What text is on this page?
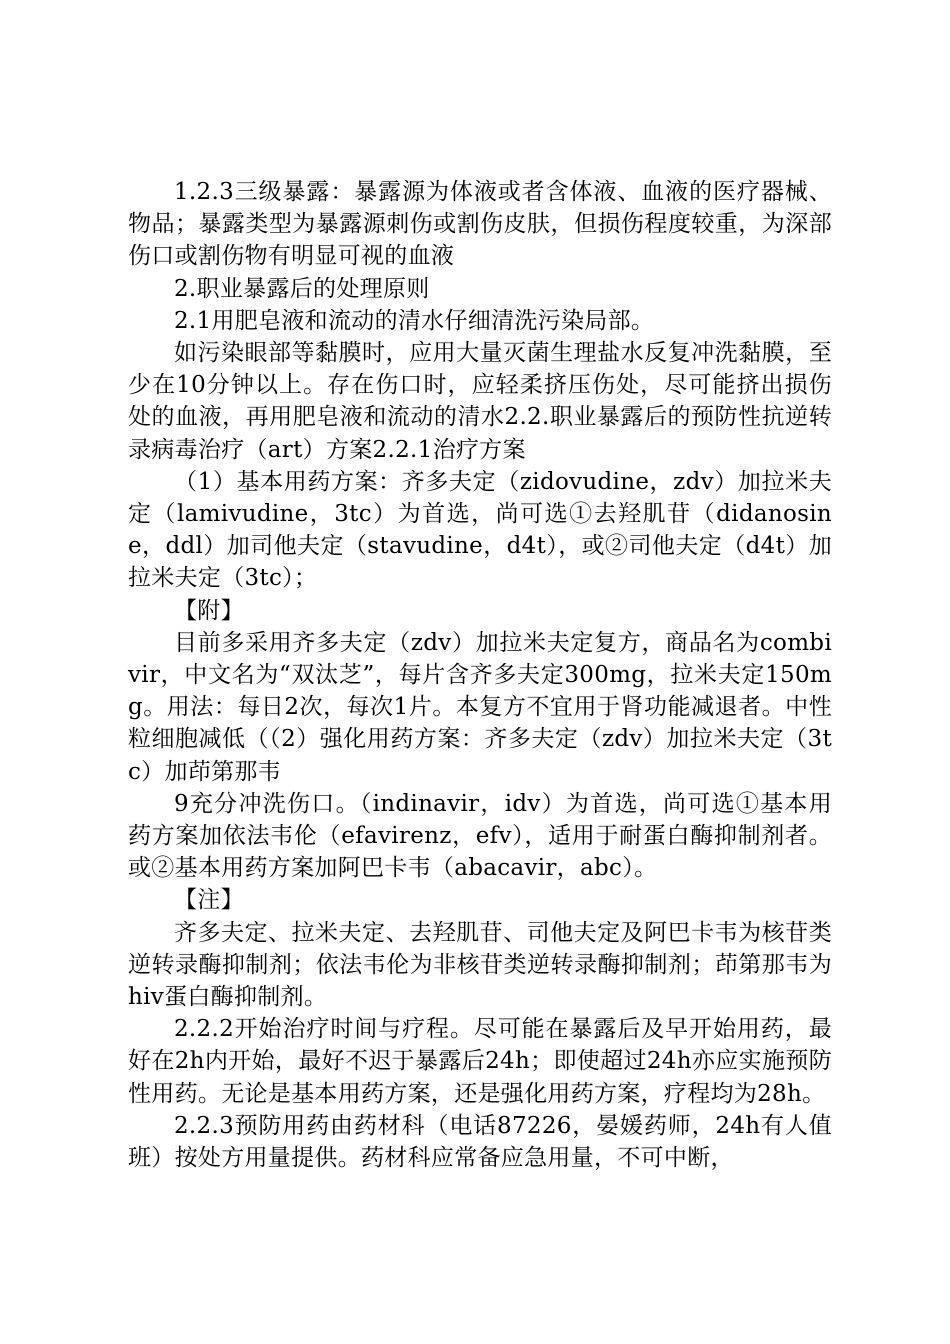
1.2.3三级暴露：暴露源为体液或者含体液、血液的医疗器械、物品；暴露类型为暴露源刺伤或割伤皮肤，但损伤程度较重，为深部伤口或割伤物有明显可视的血液

2.职业暴露后的处理原则

2.1用肥皂液和流动的清水仔细清洗污染局部。

如污染眼部等黏膜时，应用大量灭菌生理盐水反复冲洗黏膜，至少在10分钟以上。存在伤口时，应轻柔挤压伤处，尽可能挤出损伤处的血液，再用肥皂液和流动的清水2.2.职业暴露后的预防性抗逆转录病毒治疗（art）方案2.2.1治疗方案

（1）基本用药方案：齐多夫定（zidovudine，zdv）加拉米夫定（lamivudine，3tc）为首选，尚可选①去羟肌苷（didanosine，ddl）加司他夫定（stavudine，d4t），或②司他夫定（d4t）加拉米夫定（3tc）；

【附】

目前多采用齐多夫定（zdv）加拉米夫定复方，商品名为combivir，中文名为“双汰芝”，每片含齐多夫定300mg，拉米夫定150mg。用法：每日2次，每次1片。本复方不宜用于肾功能减退者。中性粒细胞减低（（2）强化用药方案：齐多夫定（zdv）加拉米夫定（3tc）加茚第那韦

9充分冲洗伤口。（indinavir，idv）为首选，尚可选①基本用药方案加依法韦伦（efavirenz，efv），适用于耐蛋白酶抑制剂者。或②基本用药方案加阿巴卡韦（abacavir，abc）。

【注】

齐多夫定、拉米夫定、去羟肌苷、司他夫定及阿巴卡韦为核苷类逆转录酶抑制剂；依法韦伦为非核苷类逆转录酶抑制剂；茚第那韦为hiv蛋白酶抑制剂。

2.2.2开始治疗时间与疗程。尽可能在暴露后及早开始用药，最好在2h内开始，最好不迟于暴露后24h；即使超过24h亦应实施预防性用药。无论是基本用药方案，还是强化用药方案，疗程均为28h。

2.2.3预防用药由药材科（电话87226，晏媛药师，24h有人值班）按处方用量提供。药材科应常备应急用量，不可中断，
